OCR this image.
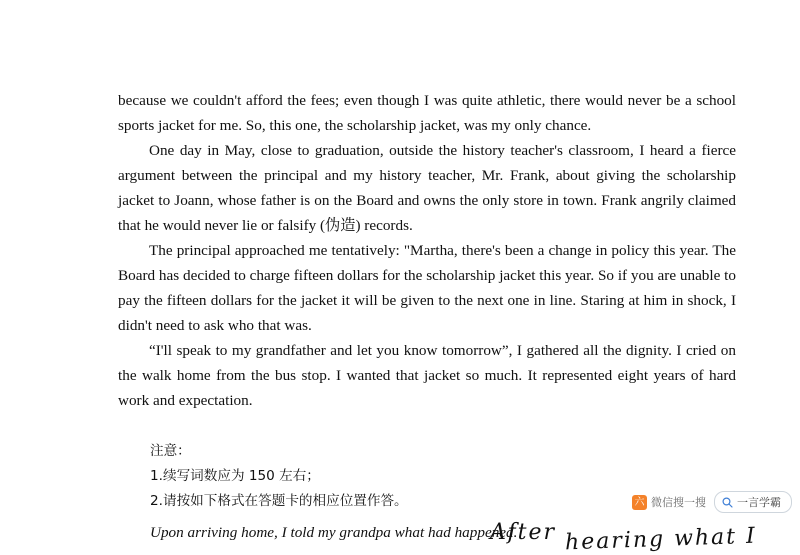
because we couldn't afford the fees; even though I was quite athletic, there would never be a school sports jacket for me. So, this one, the scholarship jacket, was my only chance.

One day in May, close to graduation, outside the history teacher's classroom, I heard a fierce argument between the principal and my history teacher, Mr. Frank, about giving the scholarship jacket to Joann, whose father is on the Board and owns the only store in town. Frank angrily claimed that he would never lie or falsify (伪造) records.

The principal approached me tentatively: "Martha, there's been a change in policy this year. The Board has decided to charge fifteen dollars for the scholarship jacket this year. So if you are unable to pay the fifteen dollars for the jacket it will be given to the next one in line. Staring at him in shock, I didn't need to ask who that was.

“I'll speak to my grandfather and let you know tomorrow”, I gathered all the dignity. I cried on the walk home from the bus stop. I wanted that jacket so much. It represented eight years of hard work and expectation.

注意：

1.续写词数应为 150 左右；

2.请按如下格式在答题卡的相应位置作答。

Upon arriving home, I told my grandpa what had happened.
After hearing what I
六 微信搜一搜	一言学霸
